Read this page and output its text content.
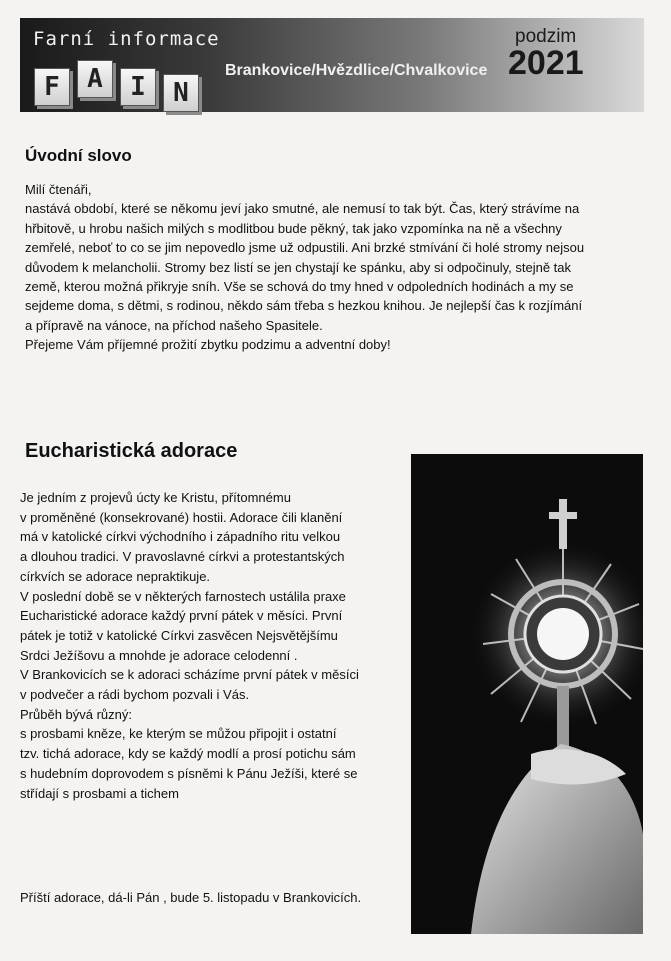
Farní informace
F	A	I	N
Brankovice/Hvězdlice/Chvalkovice
podzim
2021
Úvodní slovo

Milí čtenáři,

nastává období, které se někomu jeví jako smutné, ale nemusí to tak být. Čas, který strávíme na

hřbitově, u hrobu našich milých s modlitbou bude pěkný, tak jako vzpomínka na ně a všechny

zemřelé, neboť to co se jim nepovedlo jsme už odpustili. Ani brzké stmívání či holé stromy nejsou

důvodem k melancholii. Stromy bez listí se jen chystají ke spánku, aby si odpočinuly, stejně tak

země, kterou možná přikryje sníh. Vše se schová do tmy hned v odpoledních hodinách a my se

sejdeme doma, s dětmi, s rodinou, někdo sám třeba s hezkou knihou. Je nejlepší čas k rozjímání

a přípravě na vánoce, na příchod našeho Spasitele.

Přejeme Vám příjemné prožití zbytku podzimu a adventní doby!

Eucharistická adorace

Je jedním z projevů úcty ke Kristu, přítomnému

v proměněné (konsekrované) hostii. Adorace čili klanění

má v katolické církvi východního i západního ritu velkou

a dlouhou tradici. V pravoslavné církvi a protestantských

církvích se adorace nepraktikuje.

V poslední době se v některých farnostech ustálila praxe

Eucharistické adorace každý první pátek v měsíci. První

pátek je totiž v katolické Církvi zasvěcen Nejsvětějšímu

Srdci Ježíšovu a mnohde je adorace celodenní .

V Brankovicích se k adoraci scházíme první pátek v měsíci

v podvečer a rádi bychom pozvali i Vás.

Průběh bývá různý:

s prosbami kněze, ke kterým se můžou připojit i ostatní

tzv. tichá adorace, kdy se každý modlí a prosí potichu sám

s hudebním doprovodem s písněmi k Pánu Ježíši, které se

střídají s prosbami a tichem

Příští adorace, dá-li Pán , bude 5. listopadu v Brankovicích.
